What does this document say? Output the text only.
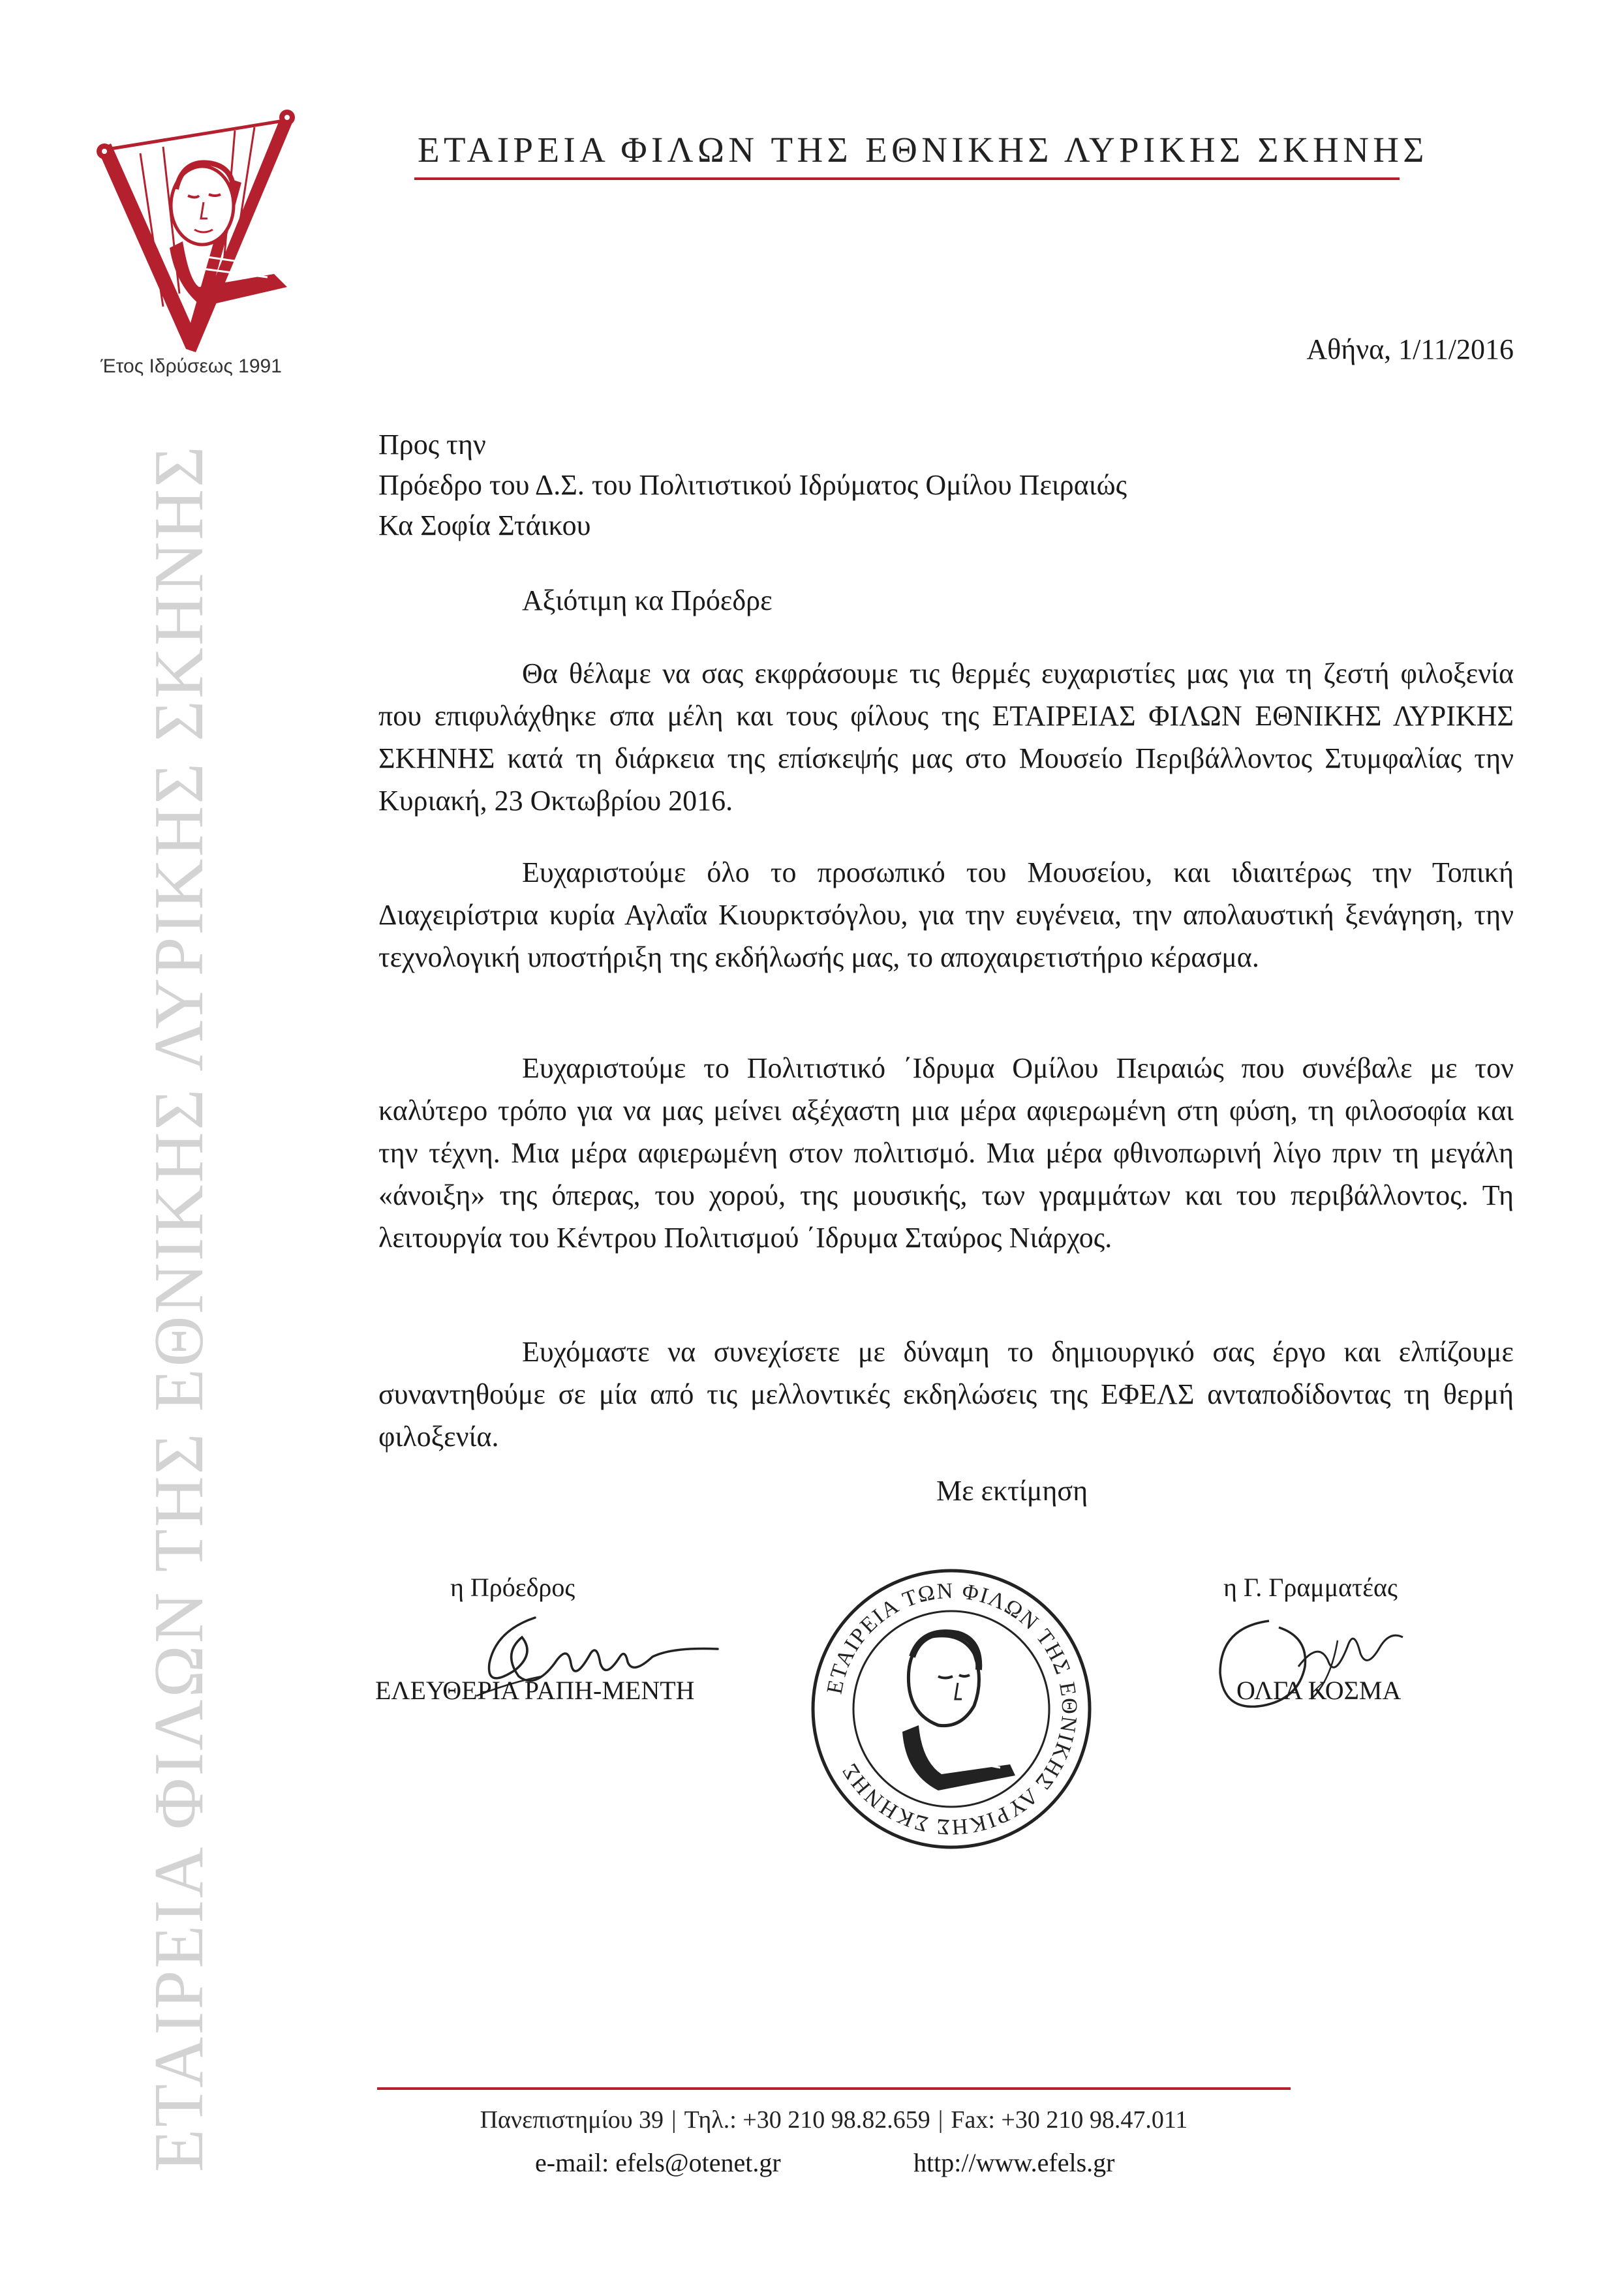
Έτος Ιδρύσεως 1991
ΕΤΑΙΡΕΙΑ ΦΙΛΩΝ ΤΗΣ ΕΘΝΙΚΗΣ ΛΥΡΙΚΗΣ ΣΚΗΝΗΣ
ΕΤΑΙΡΕΙΑ ΦΙΛΩΝ ΤΗΣ ΕΘΝΙΚΗΣ ΛΥΡΙΚΗΣ ΣΚΗΝΗΣ
Αθήνα, 1/11/2016
Προς την
Πρόεδρο του Δ.Σ. του Πολιτιστικού Ιδρύματος Ομίλου Πειραιώς
Κα Σοφία Στάικου
Αξιότιμη κα Πρόεδρε

Θα θέλαμε να σας εκφράσουμε τις θερμές ευχαριστίες μας για τη ζεστή φιλοξενία που επιφυλάχθηκε σπα μέλη και τους φίλους της ΕΤΑΙΡΕΙΑΣ ΦΙΛΩΝ ΕΘΝΙΚΗΣ ΛΥΡΙΚΗΣ ΣΚΗΝΗΣ κατά τη διάρκεια της επίσκεψής μας στο Μουσείο Περιβάλλοντος Στυμφαλίας την Κυριακή, 23 Οκτωβρίου 2016.

Ευχαριστούμε όλο το προσωπικό του Μουσείου, και ιδιαιτέρως την Τοπική Διαχειρίστρια κυρία Αγλαΐα Κιουρκτσόγλου, για την ευγένεια, την απολαυστική ξενάγηση, την τεχνολογική υποστήριξη της εκδήλωσής μας, το αποχαιρετιστήριο κέρασμα.

Ευχαριστούμε το Πολιτιστικό ΄Ιδρυμα Ομίλου Πειραιώς που συνέβαλε με τον καλύτερο τρόπο για να μας μείνει αξέχαστη μια μέρα αφιερωμένη στη φύση, τη φιλοσοφία και την τέχνη. Μια μέρα αφιερωμένη στον πολιτισμό. Μια μέρα φθινοπωρινή λίγο πριν τη μεγάλη «άνοιξη» της όπερας, του χορού, της μουσικής, των γραμμάτων και του περιβάλλοντος. Τη λειτουργία του Κέντρου Πολιτισμού ΄Ιδρυμα Σταύρος Νιάρχος.

Ευχόμαστε να συνεχίσετε με δύναμη το δημιουργικό σας έργο και ελπίζουμε συναντηθούμε σε μία από τις μελλοντικές εκδηλώσεις της ΕΦΕΛΣ ανταποδίδοντας τη θερμή φιλοξενία.

Με εκτίμηση
η Πρόεδρος
ΕΛΕΥΘΕΡΙΑ ΡΑΠΗ-ΜΕΝΤΗ
η Γ. Γραμματέας
ΟΛΓΑ ΚΟΣΜΑ
ΕΤΑΙΡΕΙΑ ΤΩΝ ΦΙΛΩΝ ΤΗΣ ΕΘΝΙΚΗΣ ΛΥΡΙΚΗΣ ΣΚΗΝΗΣ
Πανεπιστημίου 39 | Τηλ.: +30 210 98.82.659 | Fax: +30 210 98.47.011
e-mail: efels@otenet.gr	http://www.efels.gr
